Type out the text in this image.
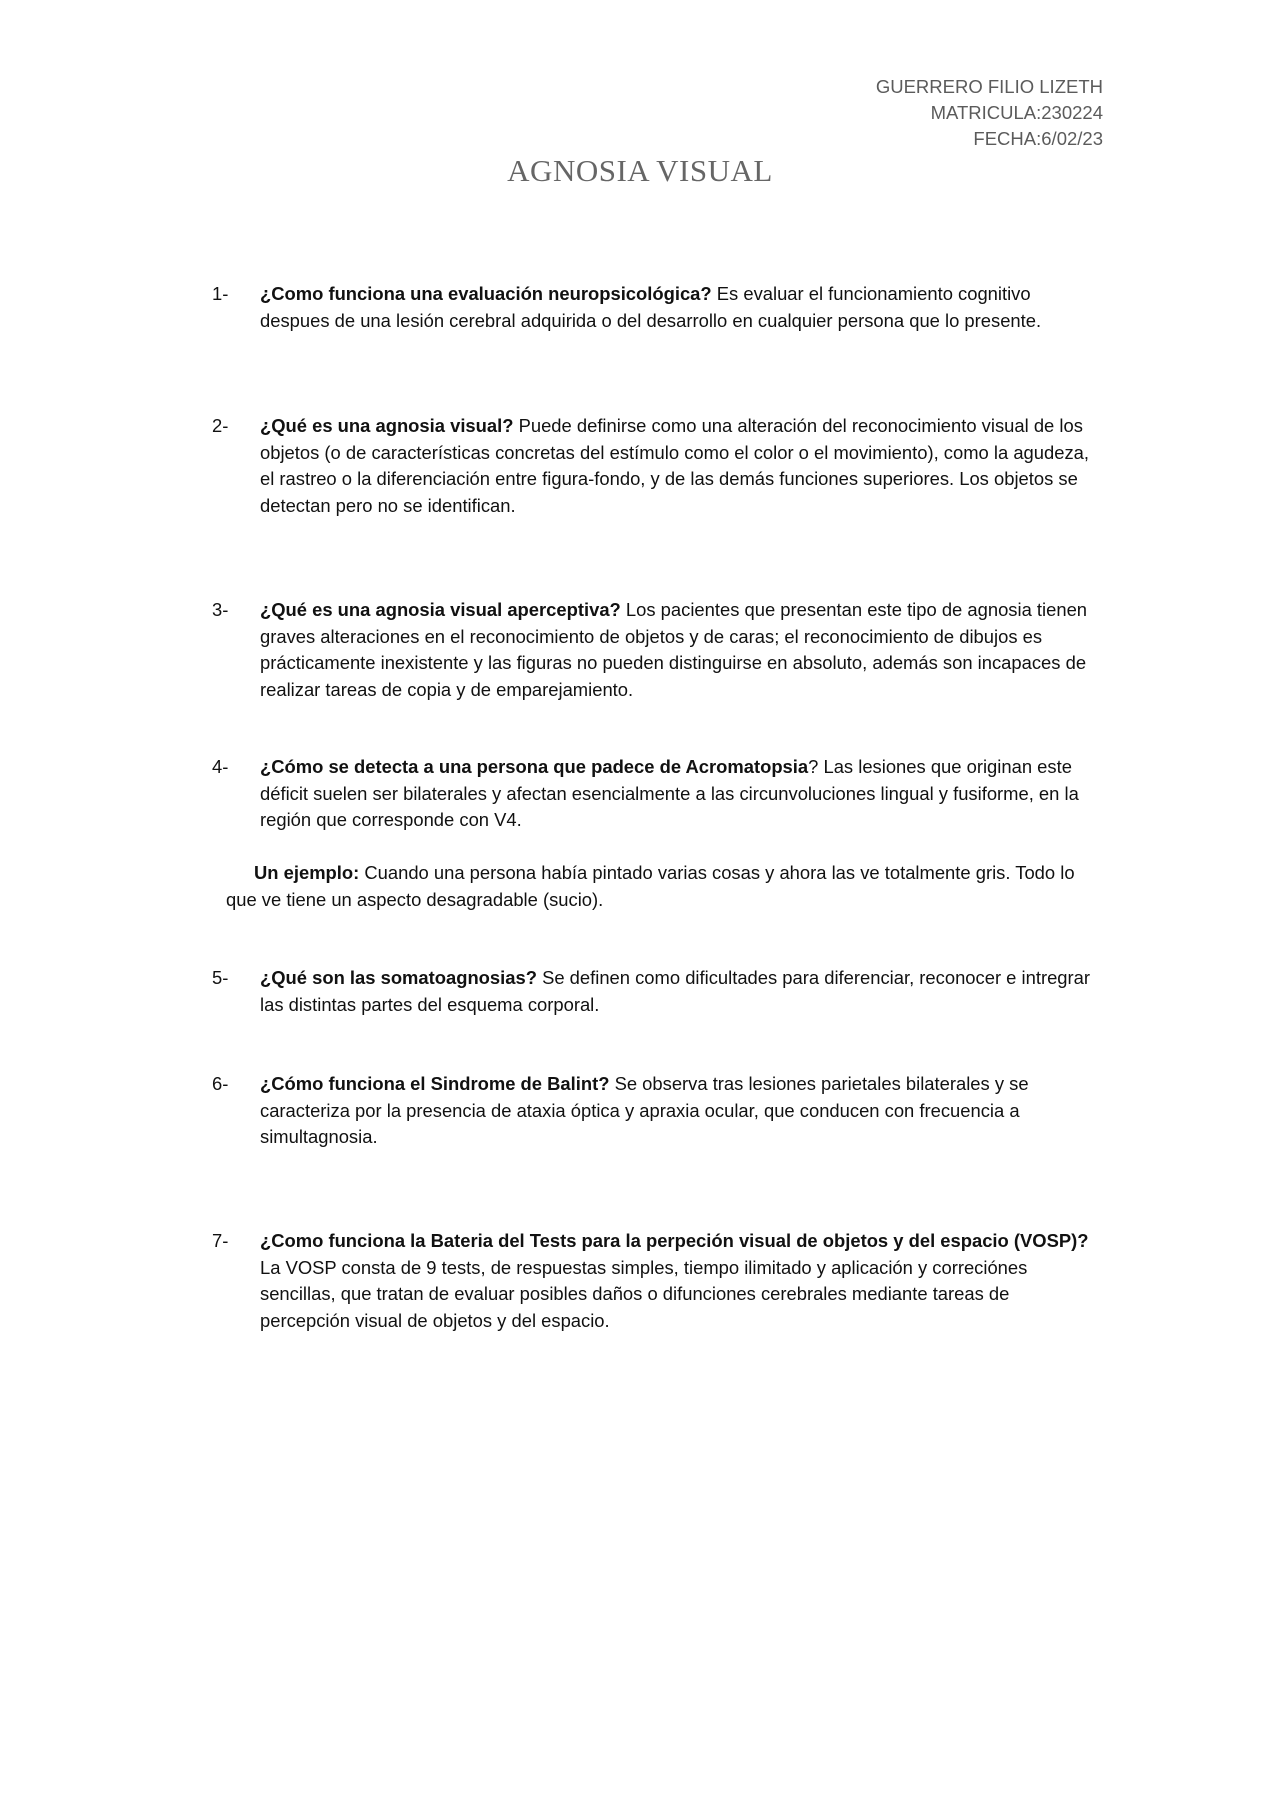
GUERRERO FILIO LIZETH
MATRICULA:230224
FECHA:6/02/23
AGNOSIA VISUAL
1- ¿Como funciona una evaluación neuropsicológica? Es evaluar el funcionamiento cognitivo despues de una lesión cerebral adquirida o del desarrollo en cualquier persona que lo presente.
2- ¿Qué es una agnosia visual? Puede definirse como una alteración del reconocimiento visual de los objetos (o de características concretas del estímulo como el color o el movimiento), como la agudeza, el rastreo o la diferenciación entre figura-fondo, y de las demás funciones superiores. Los objetos se detectan pero no se identifican.
3- ¿Qué es una agnosia visual aperceptiva? Los pacientes que presentan este tipo de agnosia tienen graves alteraciones en el reconocimiento de objetos y de caras; el reconocimiento de dibujos es prácticamente inexistente y las figuras no pueden distinguirse en absoluto, además son incapaces de realizar tareas de copia y de emparejamiento.
4- ¿Cómo se detecta a una persona que padece de Acromatopsia? Las lesiones que originan este déficit suelen ser bilaterales y afectan esencialmente a las circunvoluciones lingual y fusiforme, en la región que corresponde con V4.
Un ejemplo: Cuando una persona había pintado varias cosas y ahora las ve totalmente gris. Todo lo que ve tiene un aspecto desagradable (sucio).
5- ¿Qué son las somatoagnosias? Se definen como dificultades para diferenciar, reconocer e intregrar las distintas partes del esquema corporal.
6- ¿Cómo funciona el Sindrome de Balint? Se observa tras lesiones parietales bilaterales y se caracteriza por la presencia de ataxia óptica y apraxia ocular, que conducen con frecuencia a simultagnosia.
7- ¿Como funciona la Bateria del Tests para la perpeción visual de objetos y del espacio (VOSP)? La VOSP consta de 9 tests, de respuestas simples, tiempo ilimitado y aplicación y correciónes sencillas, que tratan de evaluar posibles daños o difunciones cerebrales mediante tareas de percepción visual de objetos y del espacio.
